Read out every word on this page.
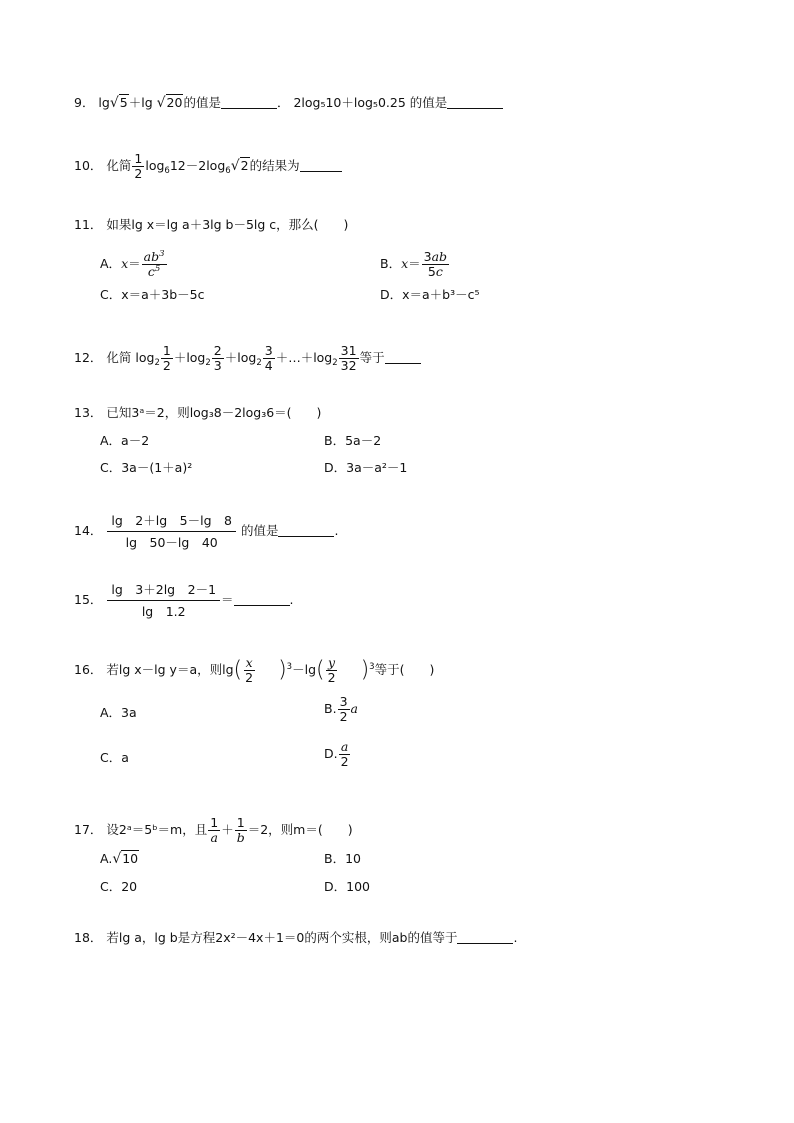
9． lg√5＋lg √20的值是	． 2log₅10＋log₅0.25 的值是
10． 化简 $\frac{1}{2} \log_612-2\log_6√2$的结果为
11． 如果lg x＝lg a＋3lg b－5lg c，那么(　　)
A．$x= \frac{ab^3}{c^5}$	B．$x= \frac{3ab}{5c}$
C．x＝a＋3b－5c	D．x＝a＋b³－c⁵
12． 化简 $\log_2 \frac{1}{2} +\log_2 \frac{2}{3} +\log_2 \frac{3}{4}$ $+\dots+\log_2 \frac{31}{32}$ 等于
13． 已知3ᵃ＝2，则log₃8－2log₃6＝(　　)
A．a－2	B．5a－2
C．3a－(1＋a)²	D．3a－a²－1
14． $\frac{\lg 2+\lg 5-\lg 8}{\lg 50-\lg 40}$ 的值是	.
15． $\frac{\lg 3+2\lg 2-1}{\lg 1.2}$ ＝	.
16． 若lg x－lg y＝a，则$\lg( \frac{x}{2} )^3-\lg( \frac{y}{2} )^3$等于(　　)
A．3a	B. $\frac{3}{2}$ a
C．a	D. $\frac{a}{2}$
17． 设2ᵃ＝5ᵇ＝m，且 $\frac{1}{a} + \frac{1}{b} =2$，则m＝(　　)
A.√10	B．10
C．20	D．100
18． 若lg a，lg b是方程2x²－4x＋1＝0的两个实根，则ab的值等于	.
